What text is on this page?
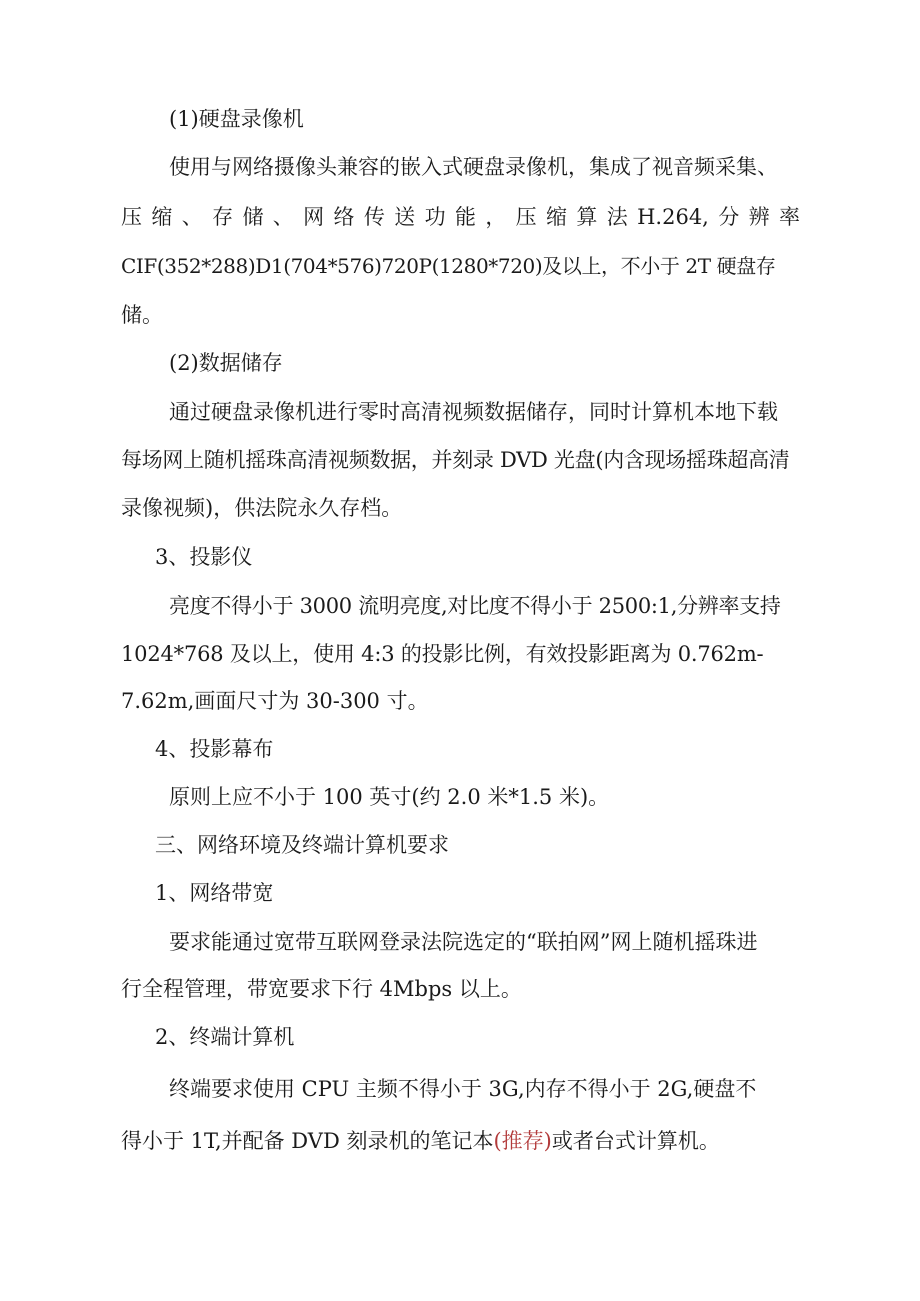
(1)硬盘录像机
使用与网络摄像头兼容的嵌入式硬盘录像机，集成了视音频采集、
压 缩 、 存 储 、 网 络 传 送 功 能 ， 压 缩 算 法 H.264, 分 辨 率
CIF(352*288)D1(704*576)720P(1280*720)及以上，不小于 2T 硬盘存
储。
(2)数据储存
通过硬盘录像机进行零时高清视频数据储存，同时计算机本地下载
每场网上随机摇珠高清视频数据，并刻录 DVD 光盘(内含现场摇珠超高清
录像视频)，供法院永久存档。
3、投影仪
亮度不得小于 3000 流明亮度,对比度不得小于 2500:1,分辨率支持
1024*768 及以上，使用 4:3 的投影比例，有效投影距离为 0.762m-
7.62m,画面尺寸为 30-300 寸。
4、投影幕布
原则上应不小于 100 英寸(约 2.0 米*1.5 米)。
三、网络环境及终端计算机要求
1、网络带宽
要求能通过宽带互联网登录法院选定的“联拍网”网上随机摇珠进
行全程管理，带宽要求下行 4Mbps 以上。
2、终端计算机
终端要求使用 CPU 主频不得小于 3G,内存不得小于 2G,硬盘不
得小于 1T,并配备 DVD 刻录机的笔记本(推荐)或者台式计算机。
